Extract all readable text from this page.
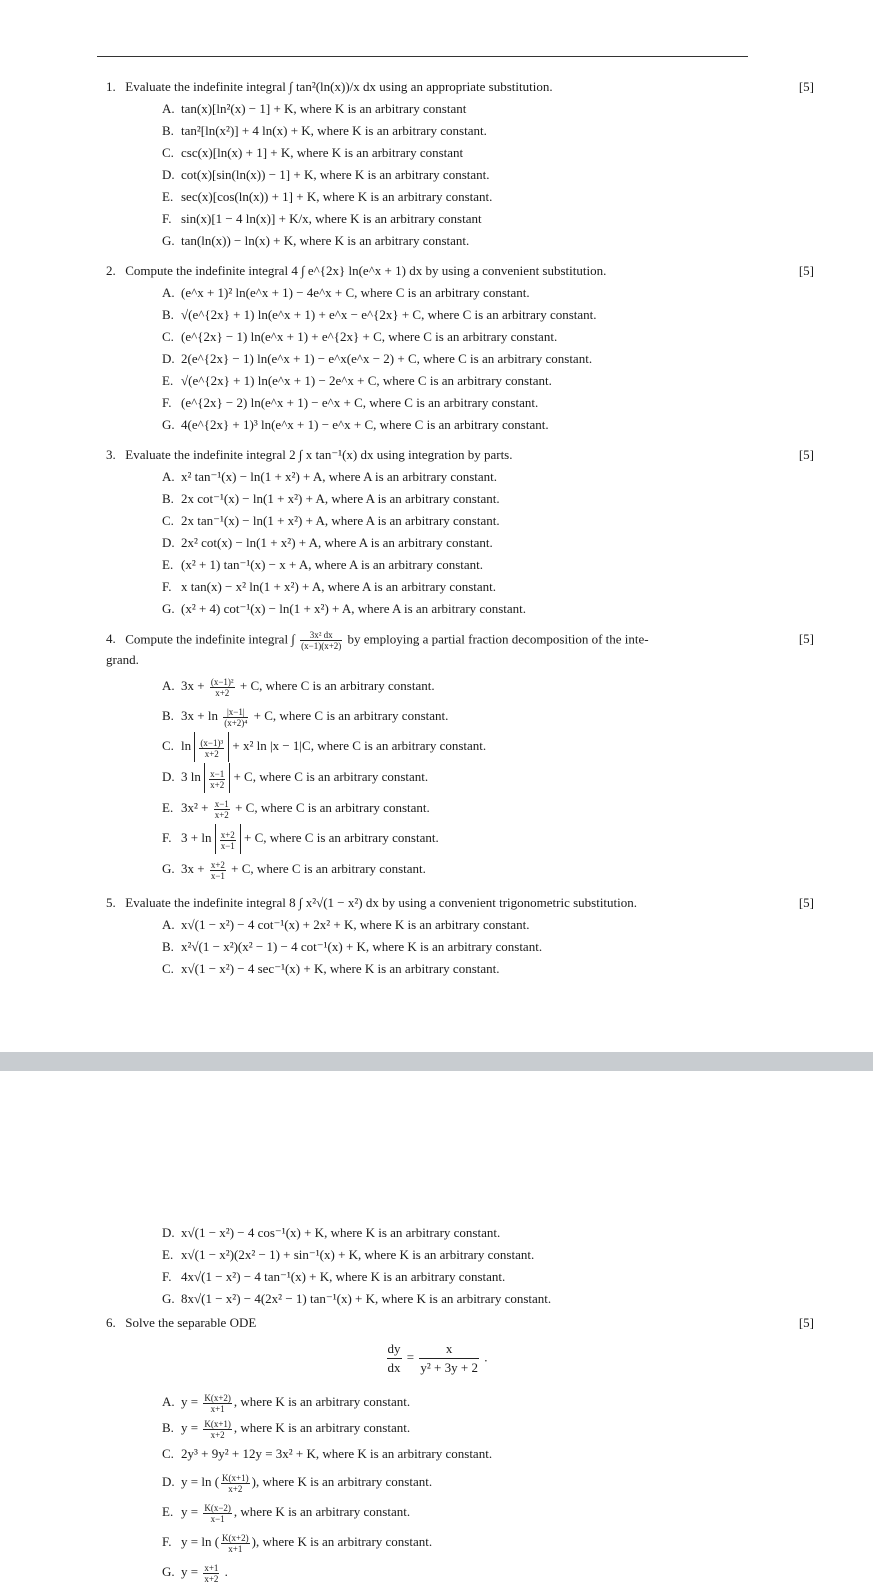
1. Evaluate the indefinite integral ∫ tan²(ln(x))/x dx using an appropriate substitution.	[5]
A. tan(x)[ln²(x) − 1] + K, where K is an arbitrary constant
B. tan²[ln(x²)] + 4 ln(x) + K, where K is an arbitrary constant.
C. csc(x)[ln(x) + 1] + K, where K is an arbitrary constant
D. cot(x)[sin(ln(x)) − 1] + K, where K is an arbitrary constant.
E. sec(x)[cos(ln(x)) + 1] + K, where K is an arbitrary constant.
F. sin(x)[1 − 4 ln(x)] + K/x, where K is an arbitrary constant
G. tan(ln(x)) − ln(x) + K, where K is an arbitrary constant.
2. Compute the indefinite integral 4 ∫ e^{2x} ln(e^x + 1) dx by using a convenient substitution.	[5]
A. (e^x + 1)² ln(e^x + 1) − 4e^x + C, where C is an arbitrary constant.
B. √(e^{2x} + 1) ln(e^x + 1) + e^x − e^{2x} + C, where C is an arbitrary constant.
C. (e^{2x} − 1) ln(e^x + 1) + e^{2x} + C, where C is an arbitrary constant.
D. 2(e^{2x} − 1) ln(e^x + 1) − e^x(e^x − 2) + C, where C is an arbitrary constant.
E. √(e^{2x} + 1) ln(e^x + 1) − 2e^x + C, where C is an arbitrary constant.
F. (e^{2x} − 2) ln(e^x + 1) − e^x + C, where C is an arbitrary constant.
G. 4(e^{2x} + 1)³ ln(e^x + 1) − e^x + C, where C is an arbitrary constant.
3. Evaluate the indefinite integral 2 ∫ x tan⁻¹(x) dx using integration by parts.	[5]
A. x² tan⁻¹(x) − ln(1 + x²) + A, where A is an arbitrary constant.
B. 2x cot⁻¹(x) − ln(1 + x²) + A, where A is an arbitrary constant.
C. 2x tan⁻¹(x) − ln(1 + x²) + A, where A is an arbitrary constant.
D. 2x² cot(x) − ln(1 + x²) + A, where A is an arbitrary constant.
E. (x² + 1) tan⁻¹(x) − x + A, where A is an arbitrary constant.
F. x tan(x) − x² ln(1 + x²) + A, where A is an arbitrary constant.
G. (x² + 4) cot⁻¹(x) − ln(1 + x²) + A, where A is an arbitrary constant.
4. Compute the indefinite integral ∫ $\frac{\text{3x² dx}}{(x-1)(x+2)}$ by employing a partial fraction decomposition of the inte-
grand.
[5]
A. $3x + \frac{\text{(x−1)²}}{x+2} + C$, where C is an arbitrary constant.
B. $3x + \ln \frac{|x-1|}{\text{(x+2)⁴}} + C$, where C is an arbitrary constant.
C. $\ln \frac{\text{(x−1)³}}{x+2} + x^2$ ln |x − 1|C, where C is an arbitrary constant.
D. 3 $\ln \frac{x-1}{x+2} + C$, where C is an arbitrary constant.
E. $3x^2 + \frac{x-1}{x+2} + C$, where C is an arbitrary constant.
F. $3 + \ln \frac{x+2}{x-1} + C$, where C is an arbitrary constant.
G. $3x + \frac{x+2}{x-1} + C$, where C is an arbitrary constant.
5. Evaluate the indefinite integral 8 ∫ x²√(1 − x²) dx by using a convenient trigonometric substitution.	[5]
A. x√(1 − x²) − 4 cot⁻¹(x) + 2x² + K, where K is an arbitrary constant.
B. x²√(1 − x²)(x² − 1) − 4 cot⁻¹(x) + K, where K is an arbitrary constant.
C. x√(1 − x²) − 4 sec⁻¹(x) + K, where K is an arbitrary constant.
D. x√(1 − x²) − 4 cos⁻¹(x) + K, where K is an arbitrary constant.
E. x√(1 − x²)(2x² − 1) + sin⁻¹(x) + K, where K is an arbitrary constant.
F. 4x√(1 − x²) − 4 tan⁻¹(x) + K, where K is an arbitrary constant.
G. 8x√(1 − x²) − 4(2x² − 1) tan⁻¹(x) + K, where K is an arbitrary constant.
6. Solve the separable ODE	[5]
$\frac{dy}{dx} = \frac{x}{\text{y² + 3y + 2}}$ .
A. $y = \frac{K(x+2)}{x+1}$ , where K is an arbitrary constant.
B. $y = \frac{K(x+1)}{x+2}$ , where K is an arbitrary constant.
C. 2y³ + 9y² + 12y = 3x² + K, where K is an arbitrary constant.
D. y = ln ( $\frac{K(x+1)}{x+2}$ ), where K is an arbitrary constant.
E. $y = \frac{K(x-2)}{x-1}$ , where K is an arbitrary constant.
F. y = ln ( $\frac{K(x+2)}{x+1}$ ), where K is an arbitrary constant.
G. $y = \frac{x+1}{x+2}$ .
